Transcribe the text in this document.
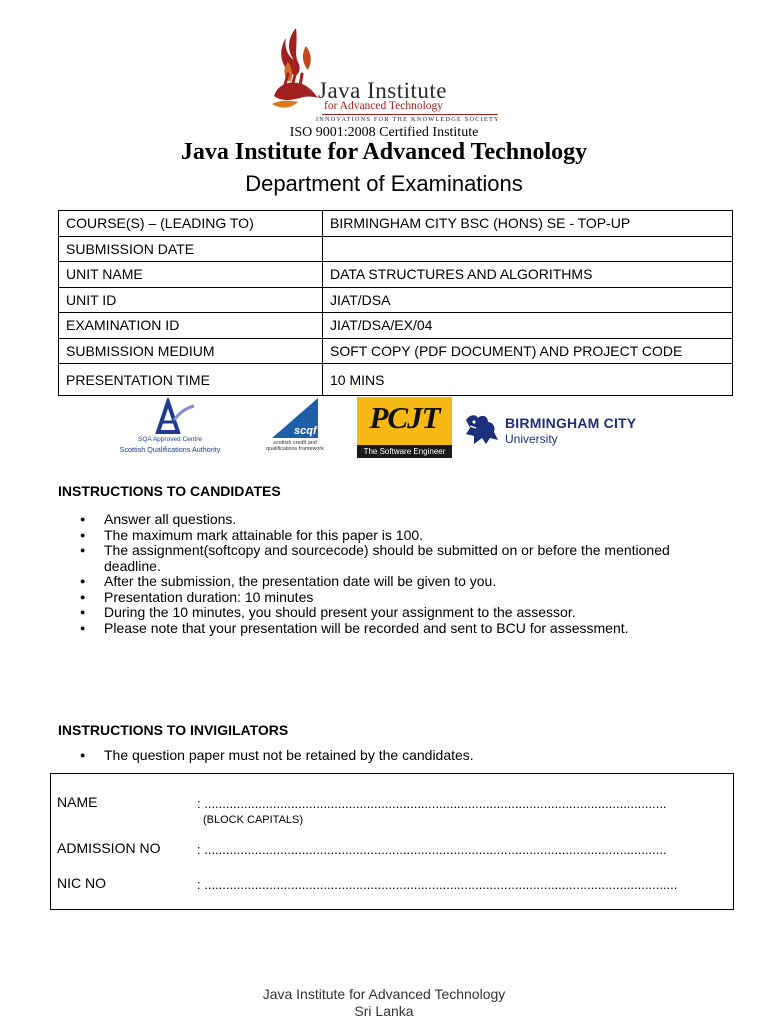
Java Institute
for Advanced Technology
INNOVATIONS FOR THE KNOWLEDGE SOCIETY
ISO 9001:2008 Certified Institute
Java Institute for Advanced Technology
Department of Examinations
COURSE(S) – (LEADING TO)	BIRMINGHAM CITY BSC (HONS) SE - TOP-UP
SUBMISSION DATE	
UNIT NAME	DATA STRUCTURES AND ALGORITHMS
UNIT ID	JIAT/DSA
EXAMINATION ID	JIAT/DSA/EX/04
SUBMISSION MEDIUM	SOFT COPY (PDF DOCUMENT) AND PROJECT CODE
PRESENTATION TIME	10 MINS
SQA Approved Centre
Scottish Qualifications Authority
scqf
scottish credit and qualifications framework
PCJT
The Software Engineer
BIRMINGHAM CITY
University
INSTRUCTIONS TO CANDIDATES
● Answer all questions.
● The maximum mark attainable for this paper is 100.
● The assignment(softcopy and sourcecode) should be submitted on or before the mentioned deadline.
● After the submission, the presentation date will be given to you.
● Presentation duration: 10 minutes
● During the 10 minutes, you should present your assignment to the assessor.
● Please note that your presentation will be recorded and sent to BCU for assessment.
INSTRUCTIONS TO INVIGILATORS
● The question paper must not be retained by the candidates.
NAME	: ................................................................................................................................
(BLOCK CAPITALS)
ADMISSION NO	: ................................................................................................................................
NIC NO	: ...................................................................................................................................
Java Institute for Advanced Technology
Sri Lanka
